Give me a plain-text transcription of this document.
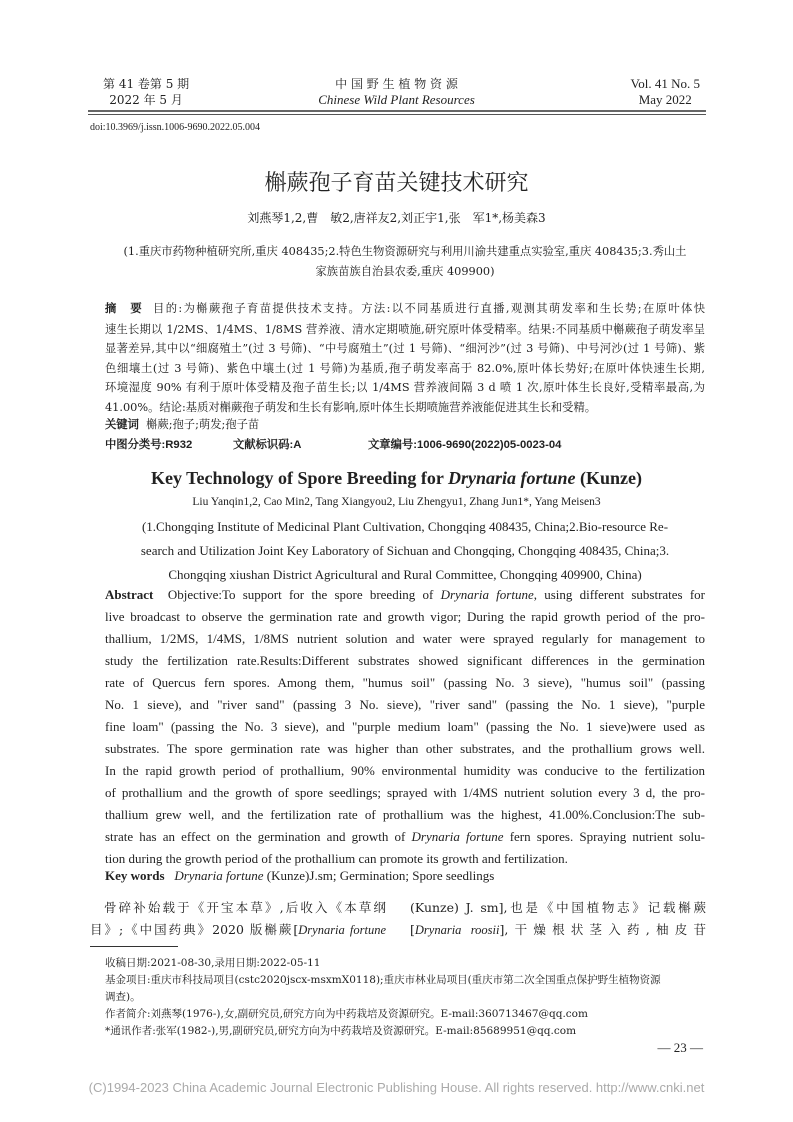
第 41 卷第 5 期
2022 年 5 月
中 国 野 生 植 物 资 源
Chinese Wild Plant Resources
Vol. 41 No. 5
May 2022
doi:10.3969/j.issn.1006-9690.2022.05.004
槲蕨孢子育苗关键技术研究
刘燕琴1,2,曹　敏2,唐祥友2,刘正宇1,张　军1*,杨美森3
(1.重庆市药物种植研究所,重庆 408435;2.特色生物资源研究与利用川渝共建重点实验室,重庆 408435;3.秀山土
家族苗族自治县农委,重庆 409900)
摘　要 目的:为槲蕨孢子育苗提供技术支持。方法:以不同基质进行直播,观测其萌发率和生长势;在原叶体快
速生长期以 1/2MS、1/4MS、1/8MS 营养液、清水定期喷施,研究原叶体受精率。结果:不同基质中槲蕨孢子萌发率呈
显著差异,其中以“细腐殖土”(过 3 号筛)、“中号腐殖土”(过 1 号筛)、“细河沙”(过 3 号筛)、中号河沙(过 1 号筛)、紫
色细壤土(过 3 号筛)、紫色中壤土(过 1 号筛)为基质,孢子萌发率高于 82.0%,原叶体长势好;在原叶体快速生长期,
环境湿度 90% 有利于原叶体受精及孢子苗生长;以 1/4MS 营养液间隔 3 d 喷 1 次,原叶体生长良好,受精率最高,为
41.00%。结论:基质对槲蕨孢子萌发和生长有影响,原叶体生长期喷施营养液能促进其生长和受精。
关键词 槲蕨;孢子;萌发;孢子苗
中图分类号:R932	文献标识码:A	文章编号:1006-9690(2022)05-0023-04
Key Technology of Spore Breeding for Drynaria fortune (Kunze)
Liu Yanqin1,2, Cao Min2, Tang Xiangyou2, Liu Zhengyu1, Zhang Jun1*, Yang Meisen3
(1.Chongqing Institute of Medicinal Plant Cultivation, Chongqing 408435, China;2.Bio-resource Re-
search and Utilization Joint Key Laboratory of Sichuan and Chongqing, Chongqing 408435, China;3.
Chongqing xiushan District Agricultural and Rural Committee, Chongqing 409900, China)
Abstract Objective:To support for the spore breeding of Drynaria fortune, using different substrates for
live broadcast to observe the germination rate and growth vigor; During the rapid growth period of the pro-
thallium, 1/2MS, 1/4MS, 1/8MS nutrient solution and water were sprayed regularly for management to
study the fertilization rate.Results:Different substrates showed significant differences in the germination
rate of Quercus fern spores. Among them, "humus soil" (passing No. 3 sieve), "humus soil" (passing
No. 1 sieve), and "river sand" (passing 3 No. sieve), "river sand" (passing the No. 1 sieve), "purple
fine loam" (passing the No. 3 sieve), and "purple medium loam" (passing the No. 1 sieve)were used as
substrates. The spore germination rate was higher than other substrates, and the prothallium grows well.
In the rapid growth period of prothallium, 90% environmental humidity was conducive to the fertilization
of prothallium and the growth of spore seedlings; sprayed with 1/4MS nutrient solution every 3 d, the pro-
thallium grew well, and the fertilization rate of prothallium was the highest, 41.00%.Conclusion:The sub-
strate has an effect on the germination and growth of Drynaria fortune fern spores. Spraying nutrient solu-
tion during the growth period of the prothallium can promote its growth and fertilization.
Key words Drynaria fortune (Kunze)J.sm; Germination; Spore seedlings
骨碎补始载于《开宝本草》,后收入《本草纲
目》;《中国药典》2020 版槲蕨[Drynaria fortune
(Kunze) J. sm],也是《中国植物志》记载槲蕨
[Drynaria roosii],干燥根状茎入药,柚皮苷
收稿日期:2021-08-30,录用日期:2022-05-11
基金项目:重庆市科技局项目(cstc2020jscx-msxmX0118);重庆市林业局项目(重庆市第二次全国重点保护野生植物资源
调查)。
作者简介:刘燕琴(1976-),女,副研究员,研究方向为中药栽培及资源研究。E-mail:360713467@qq.com
*通讯作者:张军(1982-),男,副研究员,研究方向为中药栽培及资源研究。E-mail:85689951@qq.com
— 23 —
(C)1994-2023 China Academic Journal Electronic Publishing House. All rights reserved. http://www.cnki.net
